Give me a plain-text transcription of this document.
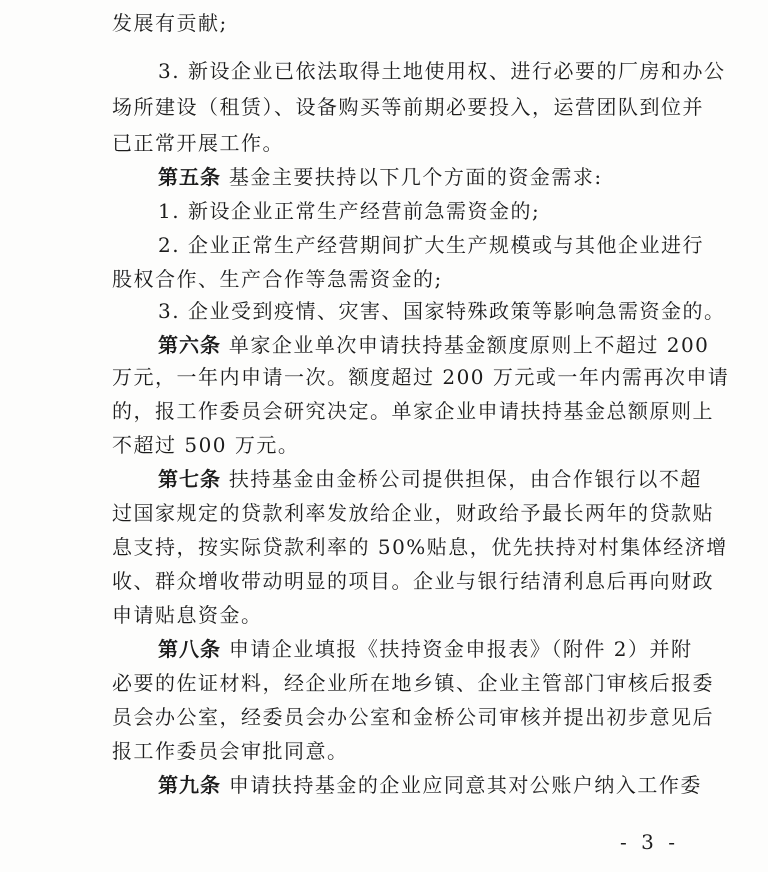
发展有贡献;
3. 新设企业已依法取得土地使用权、进行必要的厂房和办公
场所建设（租赁）、设备购买等前期必要投入，运营团队到位并
已正常开展工作。
第五条 基金主要扶持以下几个方面的资金需求:
1. 新设企业正常生产经营前急需资金的;
2. 企业正常生产经营期间扩大生产规模或与其他企业进行
股权合作、生产合作等急需资金的;
3. 企业受到疫情、灾害、国家特殊政策等影响急需资金的。
第六条 单家企业单次申请扶持基金额度原则上不超过 200
万元，一年内申请一次。额度超过 200 万元或一年内需再次申请
的，报工作委员会研究决定。单家企业申请扶持基金总额原则上
不超过 500 万元。
第七条 扶持基金由金桥公司提供担保，由合作银行以不超
过国家规定的贷款利率发放给企业，财政给予最长两年的贷款贴
息支持，按实际贷款利率的 50%贴息，优先扶持对村集体经济增
收、群众增收带动明显的项目。企业与银行结清利息后再向财政
申请贴息资金。
第八条 申请企业填报《扶持资金申报表》（附件 2）并附
必要的佐证材料，经企业所在地乡镇、企业主管部门审核后报委
员会办公室，经委员会办公室和金桥公司审核并提出初步意见后
报工作委员会审批同意。
第九条 申请扶持基金的企业应同意其对公账户纳入工作委
- 3 -
